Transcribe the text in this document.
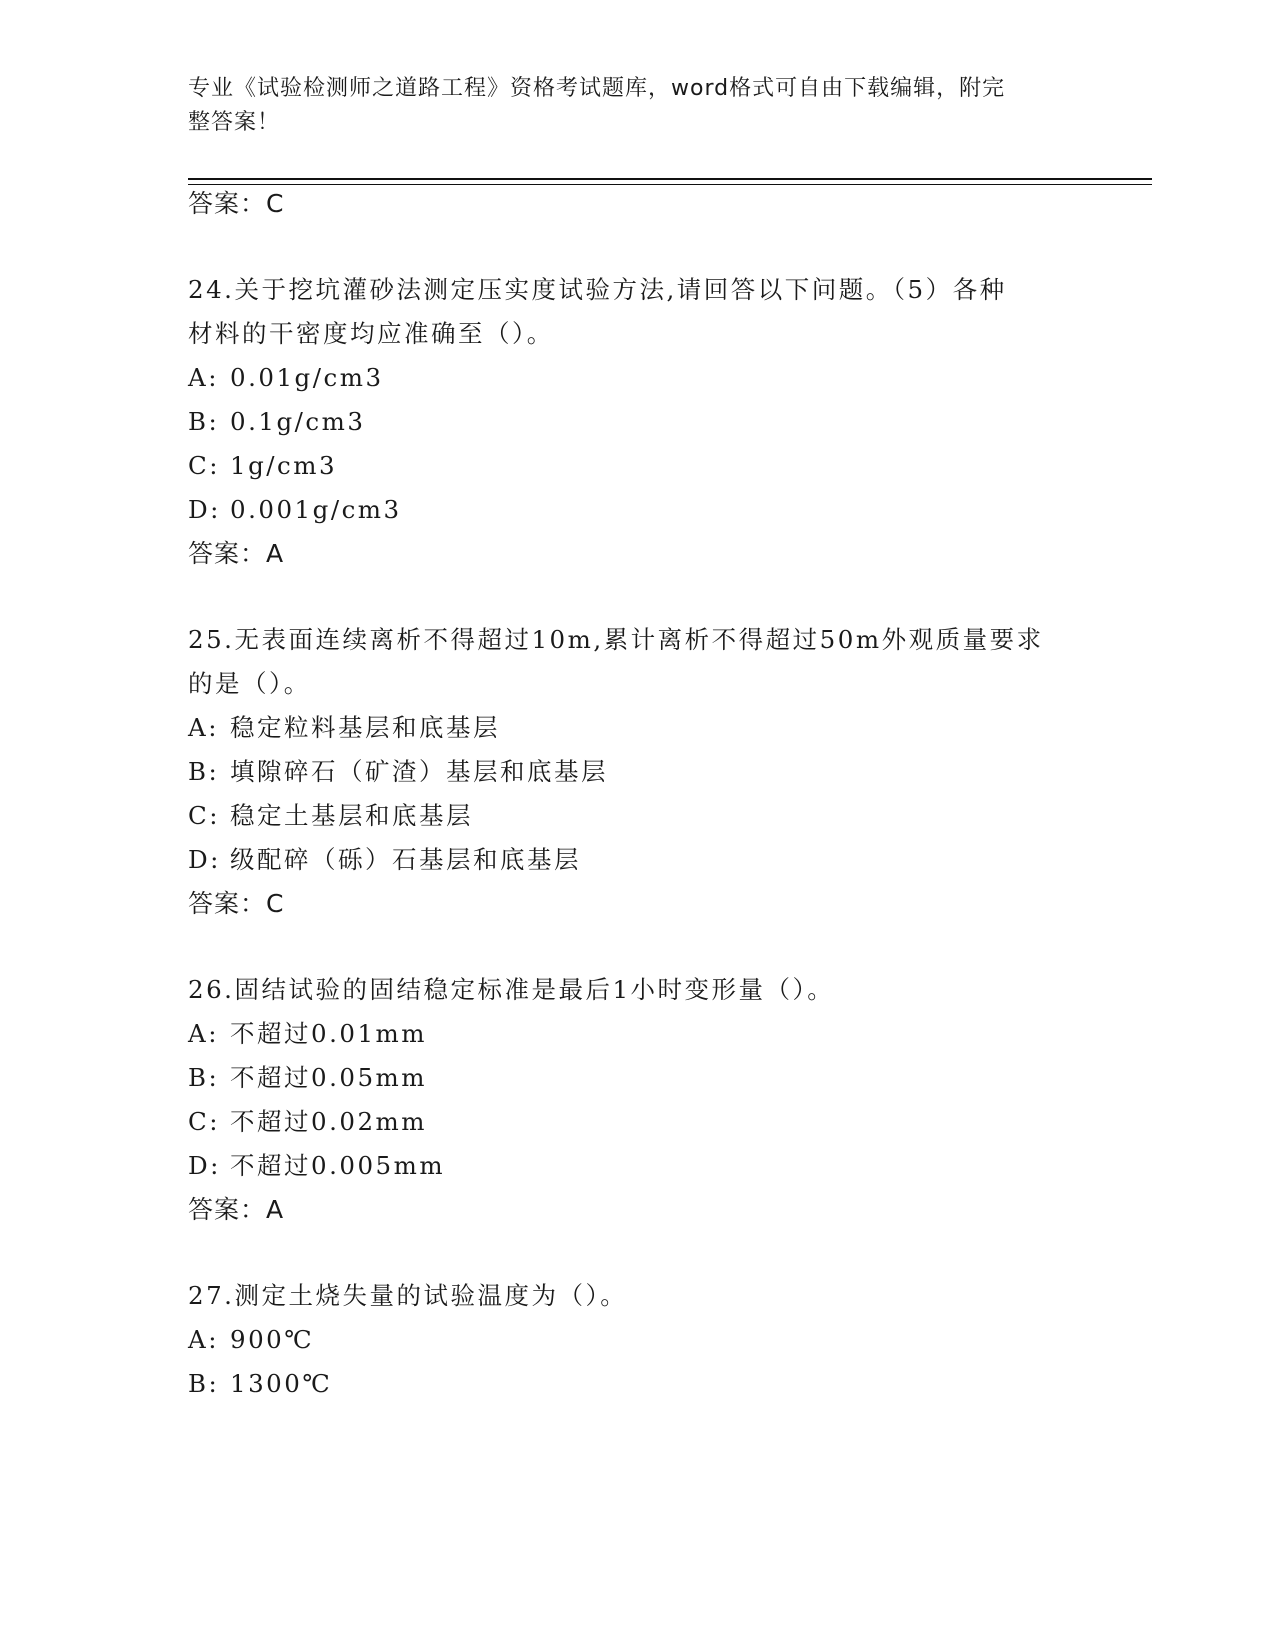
专业《试验检测师之道路工程》资格考试题库，word格式可自由下载编辑，附完
整答案！
答案：C
24.关于挖坑灌砂法测定压实度试验方法,请回答以下问题。（5）各种
材料的干密度均应准确至（）。
A: 0.01g/cm3
B: 0.1g/cm3
C: 1g/cm3
D: 0.001g/cm3
答案：A
25.无表面连续离析不得超过10m,累计离析不得超过50m外观质量要求
的是（）。
A: 稳定粒料基层和底基层
B: 填隙碎石（矿渣）基层和底基层
C: 稳定土基层和底基层
D: 级配碎（砾）石基层和底基层
答案：C
26.固结试验的固结稳定标准是最后1小时变形量（）。
A: 不超过0.01mm
B: 不超过0.05mm
C: 不超过0.02mm
D: 不超过0.005mm
答案：A
27.测定土烧失量的试验温度为（）。
A: 900℃
B: 1300℃
